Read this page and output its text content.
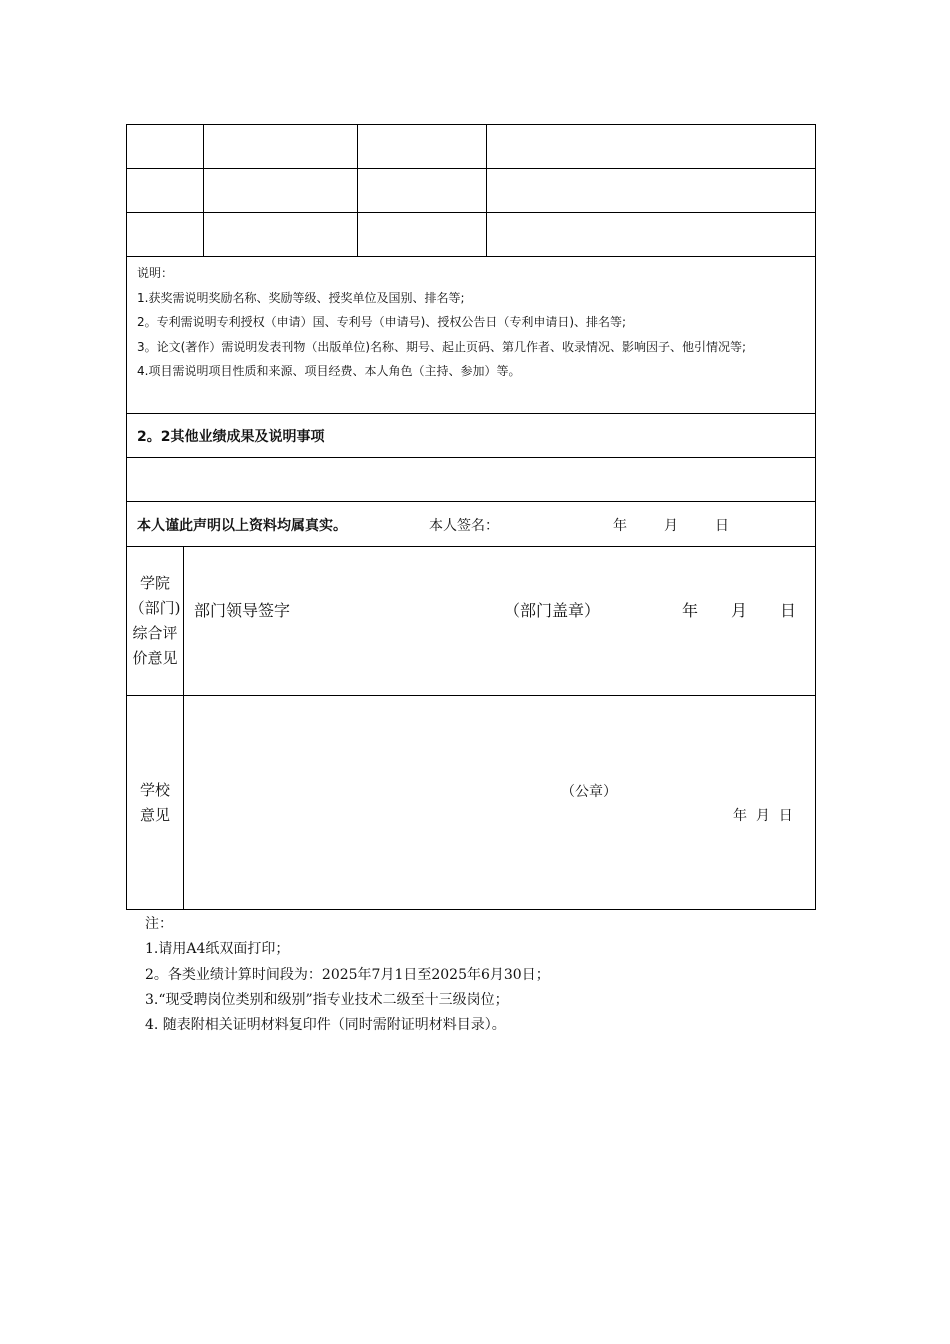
说明：
1.获奖需说明奖励名称、奖励等级、授奖单位及国别、排名等;
2。专利需说明专利授权（申请）国、专利号（申请号)、授权公告日（专利申请日)、排名等;
3。论文(著作）需说明发表刊物（出版单位)名称、期号、起止页码、第几作者、收录情况、影响因子、他引情况等;
4.项目需说明项目性质和来源、项目经费、本人角色（主持、参加）等。				

2。2其他业绩成果及说明事项				

本人谨此声明以上资料均属真实。 本人签名： 年 月 日				

学院（部门)综合评价意见	部门领导签字 （部门盖章） 年 月 日			

学校意见	（公章）
年  月  日			
注：
1.请用A4纸双面打印；
2。各类业绩计算时间段为：2025年7月1日至2025年6月30日；
3.“现受聘岗位类别和级别”指专业技术二级至十三级岗位；
4. 随表附相关证明材料复印件（同时需附证明材料目录）。
